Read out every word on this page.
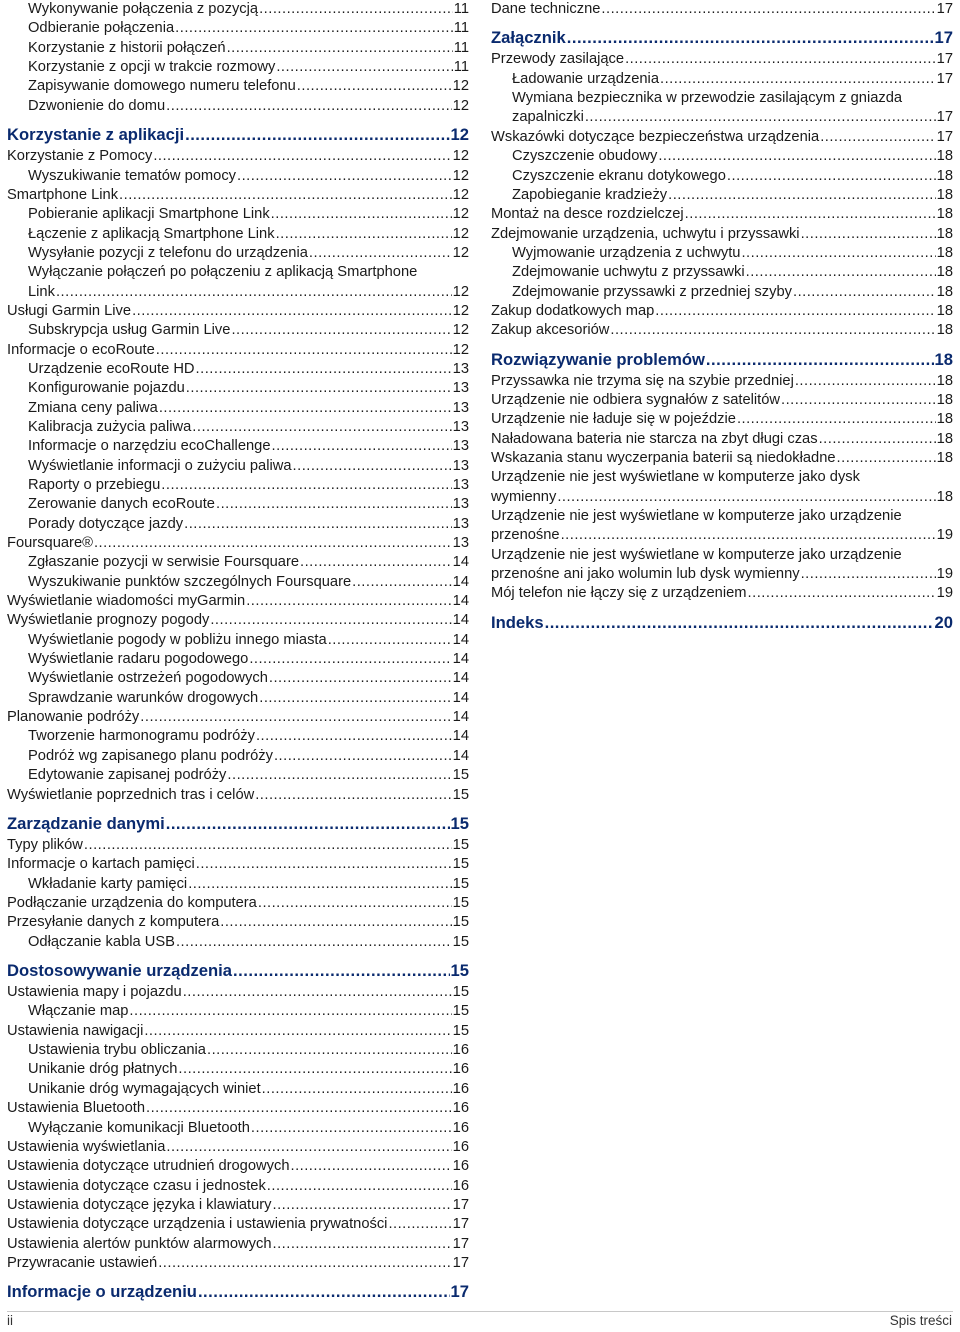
Wykonywanie połączenia z pozycją .....	11
Odbieranie połączenia .....	11
Korzystanie z historii połączeń .....	11
Korzystanie z opcji w trakcie rozmowy .....	11
Zapisywanie domowego numeru telefonu .....	12
Dzwonienie do domu .....	12
Korzystanie z aplikacji .....	12
Korzystanie z Pomocy .....	12
Wyszukiwanie tematów pomocy .....	12
Smartphone Link .....	12
Pobieranie aplikacji Smartphone Link .....	12
Łączenie z aplikacją Smartphone Link .....	12
Wysyłanie pozycji z telefonu do urządzenia .....	12
Wyłączanie połączeń po połączeniu z aplikacją Smartphone
Link .....	12
Usługi Garmin Live .....	12
Subskrypcja usług Garmin Live .....	12
Informacje o ecoRoute .....	12
Urządzenie ecoRoute HD .....	13
Konfigurowanie pojazdu .....	13
Zmiana ceny paliwa .....	13
Kalibracja zużycia paliwa .....	13
Informacje o narzędziu ecoChallenge .....	13
Wyświetlanie informacji o zużyciu paliwa .....	13
Raporty o przebiegu .....	13
Zerowanie danych ecoRoute .....	13
Porady dotyczące jazdy .....	13
Foursquare® .....	13
Zgłaszanie pozycji w serwisie Foursquare .....	14
Wyszukiwanie punktów szczególnych Foursquare .....	14
Wyświetlanie wiadomości myGarmin .....	14
Wyświetlanie prognozy pogody .....	14
Wyświetlanie pogody w pobliżu innego miasta .....	14
Wyświetlanie radaru pogodowego .....	14
Wyświetlanie ostrzeżeń pogodowych .....	14
Sprawdzanie warunków drogowych .....	14
Planowanie podróży .....	14
Tworzenie harmonogramu podróży .....	14
Podróż wg zapisanego planu podróży .....	14
Edytowanie zapisanej podróży .....	15
Wyświetlanie poprzednich tras i celów .....	15
Zarządzanie danymi .....	15
Typy plików .....	15
Informacje o kartach pamięci .....	15
Wkładanie karty pamięci .....	15
Podłączanie urządzenia do komputera .....	15
Przesyłanie danych z komputera .....	15
Odłączanie kabla USB .....	15
Dostosowywanie urządzenia .....	15
Ustawienia mapy i pojazdu .....	15
Włączanie map .....	15
Ustawienia nawigacji .....	15
Ustawienia trybu obliczania .....	16
Unikanie dróg płatnych .....	16
Unikanie dróg wymagających winiet .....	16
Ustawienia Bluetooth .....	16
Wyłączanie komunikacji Bluetooth .....	16
Ustawienia wyświetlania .....	16
Ustawienia dotyczące utrudnień drogowych .....	16
Ustawienia dotyczące czasu i jednostek .....	16
Ustawienia dotyczące języka i klawiatury .....	17
Ustawienia dotyczące urządzenia i ustawienia prywatności .....	17
Ustawienia alertów punktów alarmowych .....	17
Przywracanie ustawień .....	17
Informacje o urządzeniu .....	17
Dane techniczne .....	17
Załącznik .....	17
Przewody zasilające .....	17
Ładowanie urządzenia .....	17
Wymiana bezpiecznika w przewodzie zasilającym z gniazda
zapalniczki .....	17
Wskazówki dotyczące bezpieczeństwa urządzenia .....	17
Czyszczenie obudowy .....	18
Czyszczenie ekranu dotykowego .....	18
Zapobieganie kradzieży .....	18
Montaż na desce rozdzielczej .....	18
Zdejmowanie urządzenia, uchwytu i przyssawki .....	18
Wyjmowanie urządzenia z uchwytu .....	18
Zdejmowanie uchwytu z przyssawki .....	18
Zdejmowanie przyssawki z przedniej szyby .....	18
Zakup dodatkowych map .....	18
Zakup akcesoriów .....	18
Rozwiązywanie problemów .....	18
Przyssawka nie trzyma się na szybie przedniej .....	18
Urządzenie nie odbiera sygnałów z satelitów .....	18
Urządzenie nie ładuje się w pojeździe .....	18
Naładowana bateria nie starcza na zbyt długi czas .....	18
Wskazania stanu wyczerpania baterii są niedokładne .....	18
Urządzenie nie jest wyświetlane w komputerze jako dysk
wymienny .....	18
Urządzenie nie jest wyświetlane w komputerze jako urządzenie
przenośne .....	19
Urządzenie nie jest wyświetlane w komputerze jako urządzenie
przenośne ani jako wolumin lub dysk wymienny .....	19
Mój telefon nie łączy się z urządzeniem .....	19
Indeks .....	20
ii	Spis treści
